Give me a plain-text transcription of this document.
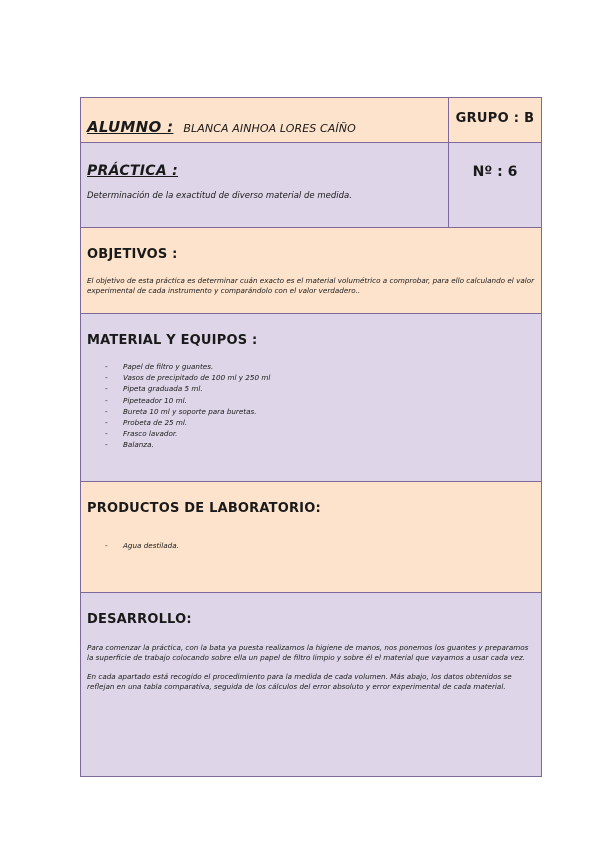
ALUMNO : BLANCA AINHOA LORES CAÍÑO
GRUPO : B
PRÁCTICA :
Determinación de la exactitud de diverso material de medida.
Nº : 6
OBJETIVOS :
El objetivo de esta práctica es determinar cuán exacto es el material volumétrico a comprobar, para ello calculando el valor experimental de cada instrumento y comparándolo con el valor verdadero..
MATERIAL Y EQUIPOS :
- Papel de filtro y guantes.
- Vasos de precipitado de 100 ml y 250 ml
- Pipeta graduada 5 ml.
- Pipeteador 10 ml.
- Bureta 10 ml y soporte para buretas.
- Probeta de 25 ml.
- Frasco lavador.
- Balanza.
PRODUCTOS DE LABORATORIO:
- Agua destilada.
DESARROLLO:
Para comenzar la práctica, con la bata ya puesta realizamos la higiene de manos, nos ponemos los guantes y preparamos la superficie de trabajo colocando sobre ella un papel de filtro limpio y sobre él el material que vayamos a usar cada vez.
En cada apartado está recogido el procedimiento para la medida de cada volumen. Más abajo, los datos obtenidos se reflejan en una tabla comparativa, seguida de los cálculos del error absoluto y error experimental de cada material.
